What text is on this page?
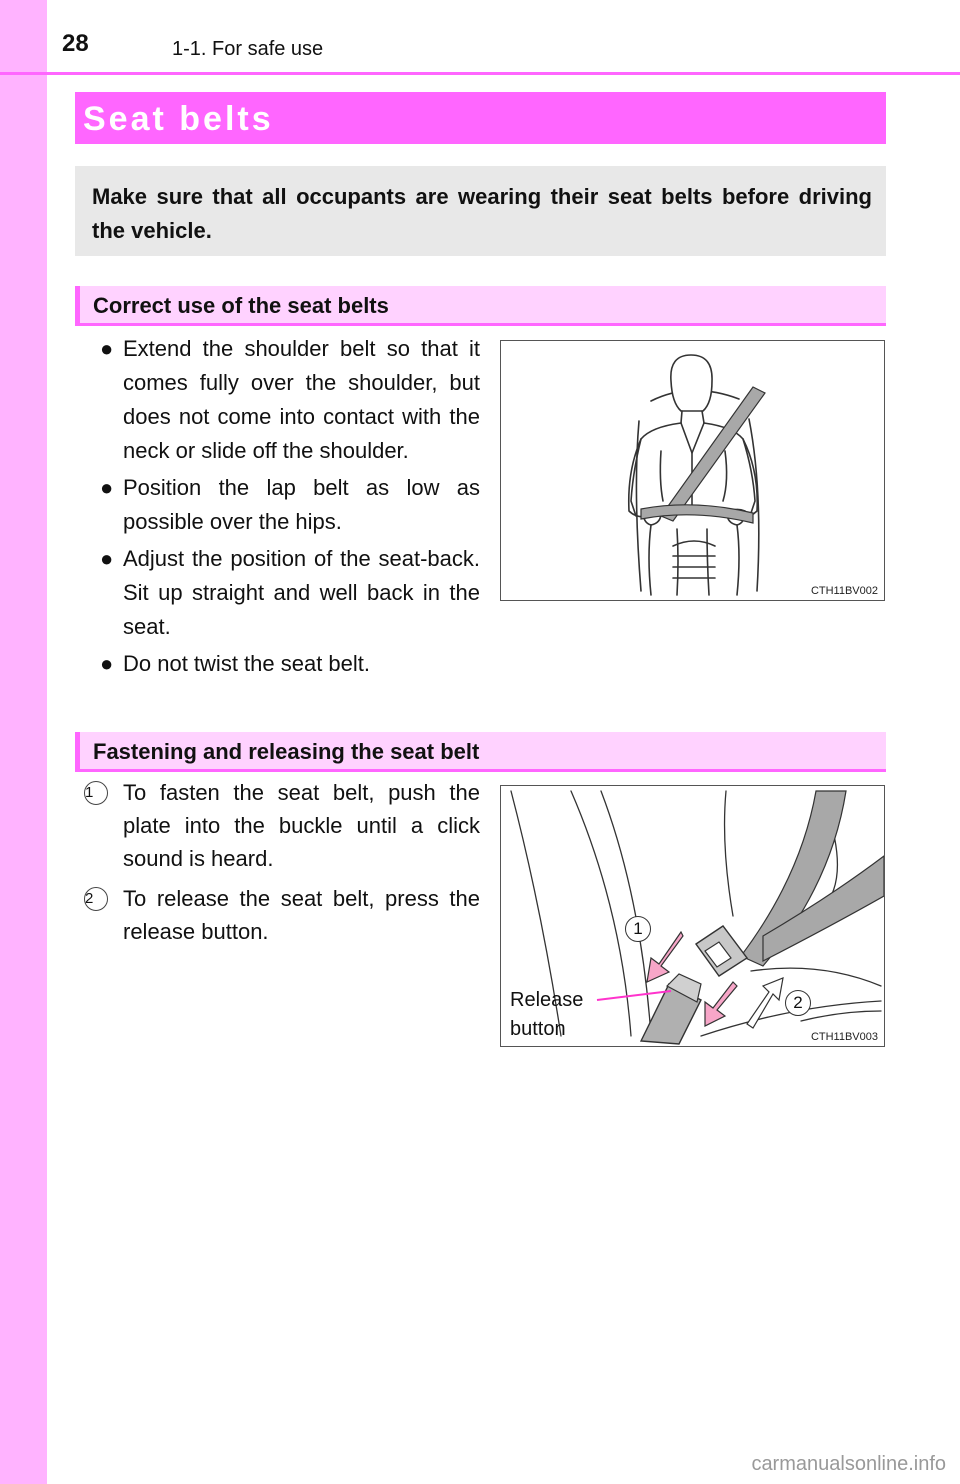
28	1-1. For safe use
Seat belts

Make sure that all occupants are wearing their seat belts before driving the vehicle.

Correct use of the seat belts
● Extend the shoulder belt so that it comes fully over the shoulder, but does not come into contact with the neck or slide off the shoulder.
● Position the lap belt as low as possible over the hips.
● Adjust the position of the seat-back. Sit up straight and well back in the seat.
● Do not twist the seat belt.
CTH11BV002
Fastening and releasing the seat belt
1	To fasten the seat belt, push the plate into the buckle until a click sound is heard.
2	To release the seat belt, press the release button.
Release
button
1
2
CTH11BV003
carmanualsonline.info
